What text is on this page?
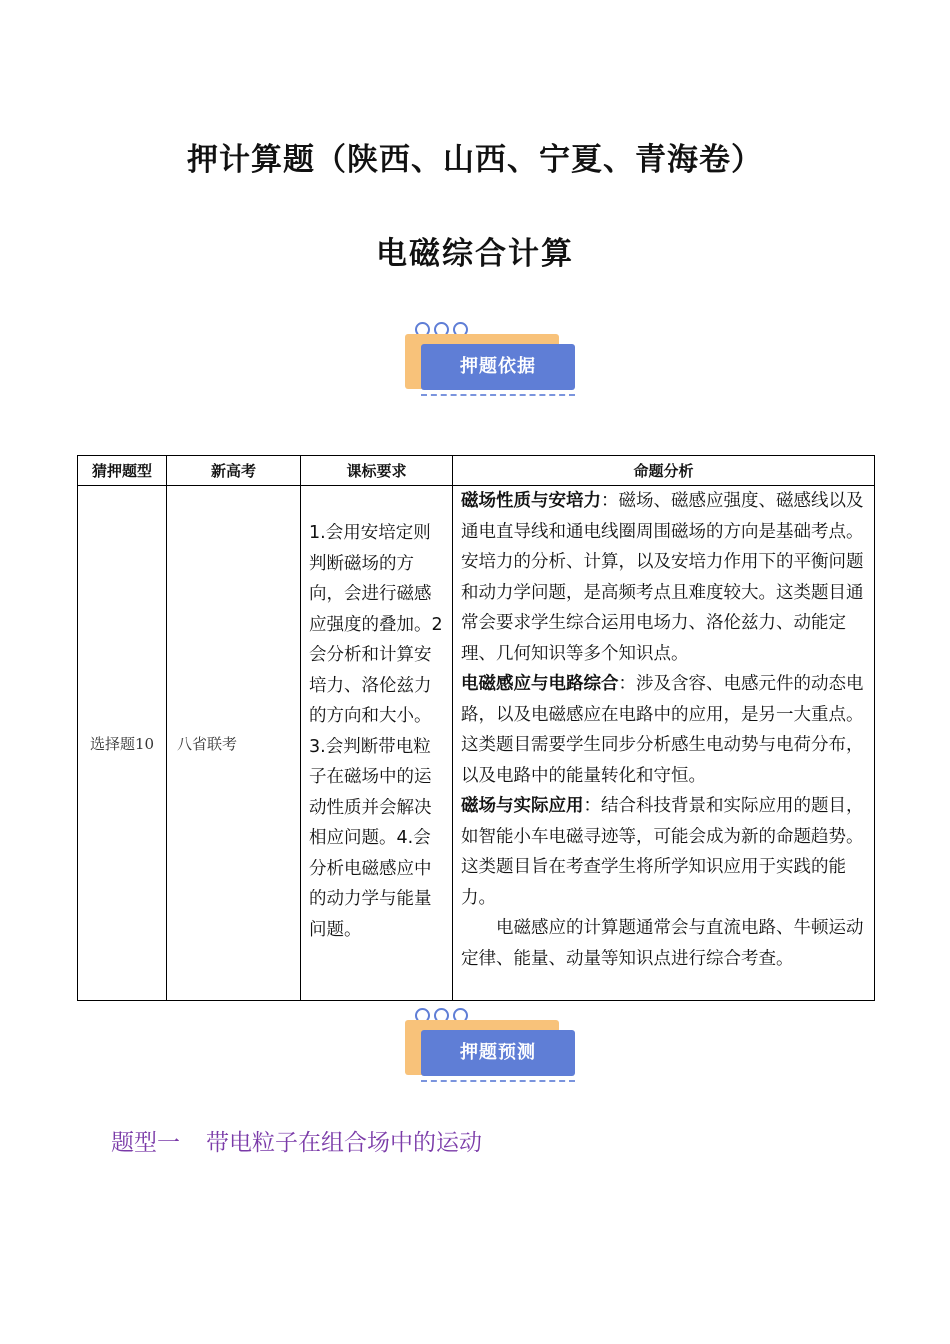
押计算题（陕西、山西、宁夏、青海卷）
电磁综合计算
押题依据
猜押题型	新高考	课标要求	命题分析
选择题10	八省联考	1.会用安培定则判断磁场的方向，会进行磁感应强度的叠加。2会分析和计算安培力、洛伦兹力的方向和大小。3.会判断带电粒子在磁场中的运动性质并会解决相应问题。4.会分析电磁感应中的动力学与能量问题。	磁场性质与安培力：磁场、磁感应强度、磁感线以及通电直导线和通电线圈周围磁场的方向是基础考点。安培力的分析、计算，以及安培力作用下的平衡问题和动力学问题，是高频考点且难度较大。这类题目通常会要求学生综合运用电场力、洛伦兹力、动能定理、几何知识等多个知识点。

电磁感应与电路综合：涉及含容、电感元件的动态电路，以及电磁感应在电路中的应用，是另一大重点。这类题目需要学生同步分析感生电动势与电荷分布，以及电路中的能量转化和守恒。

磁场与实际应用：结合科技背景和实际应用的题目，如智能小车电磁寻迹等，可能会成为新的命题趋势。这类题目旨在考查学生将所学知识应用于实践的能力。

电磁感应的计算题通常会与直流电路、牛顿运动定律、能量、动量等知识点进行综合考查。

押题预测
题型一 带电粒子在组合场中的运动
